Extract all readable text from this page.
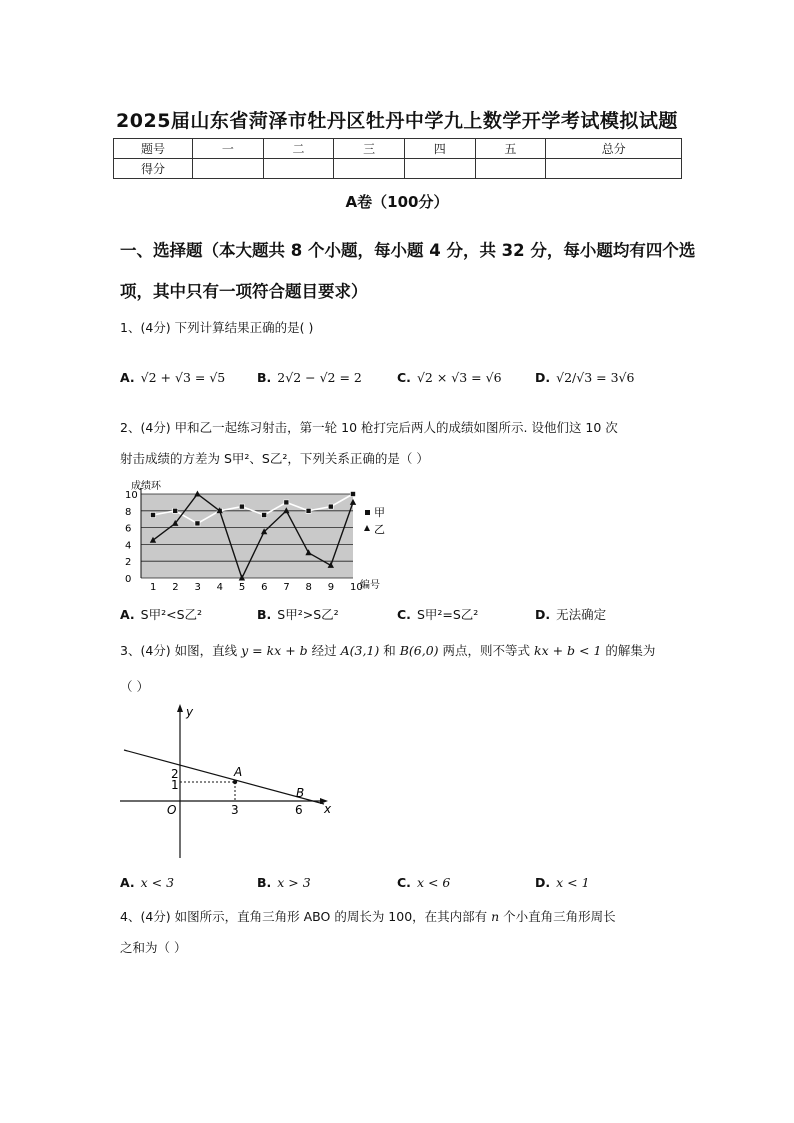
2025届山东省菏泽市牡丹区牡丹中学九上数学开学考试模拟试题
题号	一	二	三	四	五	总分
得分						
A卷（100分）
一、选择题（本大题共 8 个小题，每小题 4 分，共 32 分，每小题均有四个选项，其中只有一项符合题目要求）
1、(4分) 下列计算结果正确的是( )
A. √2 + √3 = √5	B. 2√2 − √2 = 2	C. √2 × √3 = √6	D. √2/√3 = 3√6
2、(4分) 甲和乙一起练习射击，第一轮 10 枪打完后两人的成绩如图所示. 设他们这 10 次
射击成绩的方差为 S甲²、S乙²，下列关系正确的是（ ）
0
2
4
6
8
10
1 2 3 4 5 6 7 8 9 10
成绩环
编号
甲
乙
A. S甲²<S乙²	B. S甲²>S乙²	C. S甲²=S乙²	D. 无法确定
3、(4分) 如图，直线 y = kx + b 经过 A(3,1) 和 B(6,0) 两点，则不等式 kx + b < 1 的解集为
（ ）
y
x
O
2
1
3	6
A
B
A. x < 3	B. x > 3	C. x < 6	D. x < 1
4、(4分) 如图所示，直角三角形 ABO 的周长为 100，在其内部有 n 个小直角三角形周长
之和为（ ）
